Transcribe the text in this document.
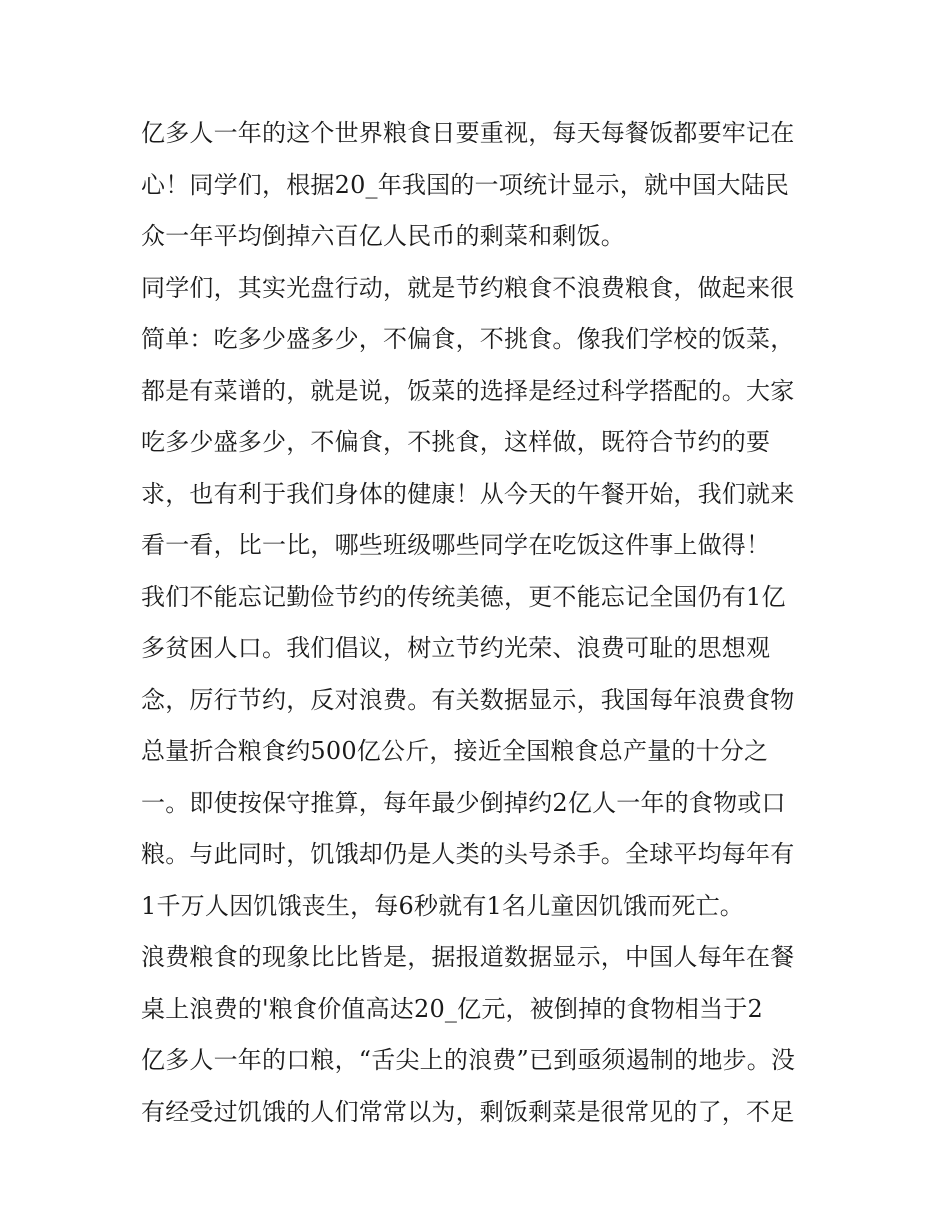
亿多人一年的这个世界粮食日要重视，每天每餐饭都要牢记在
心！同学们，根据20_年我国的一项统计显示，就中国大陆民
众一年平均倒掉六百亿人民币的剩菜和剩饭。
同学们，其实光盘行动，就是节约粮食不浪费粮食，做起来很
简单：吃多少盛多少，不偏食，不挑食。像我们学校的饭菜，
都是有菜谱的，就是说，饭菜的选择是经过科学搭配的。大家
吃多少盛多少，不偏食，不挑食，这样做，既符合节约的要
求，也有利于我们身体的健康！从今天的午餐开始，我们就来
看一看，比一比，哪些班级哪些同学在吃饭这件事上做得！
我们不能忘记勤俭节约的传统美德，更不能忘记全国仍有1亿
多贫困人口。我们倡议，树立节约光荣、浪费可耻的思想观
念，厉行节约，反对浪费。有关数据显示，我国每年浪费食物
总量折合粮食约500亿公斤，接近全国粮食总产量的十分之
一。即使按保守推算，每年最少倒掉约2亿人一年的食物或口
粮。与此同时，饥饿却仍是人类的头号杀手。全球平均每年有
1千万人因饥饿丧生，每6秒就有1名儿童因饥饿而死亡。
浪费粮食的现象比比皆是，据报道数据显示，中国人每年在餐
桌上浪费的'粮食价值高达20_亿元，被倒掉的食物相当于2
亿多人一年的口粮，“舌尖上的浪费”已到亟须遏制的地步。没
有经受过饥饿的人们常常以为，剩饭剩菜是很常见的了，不足
